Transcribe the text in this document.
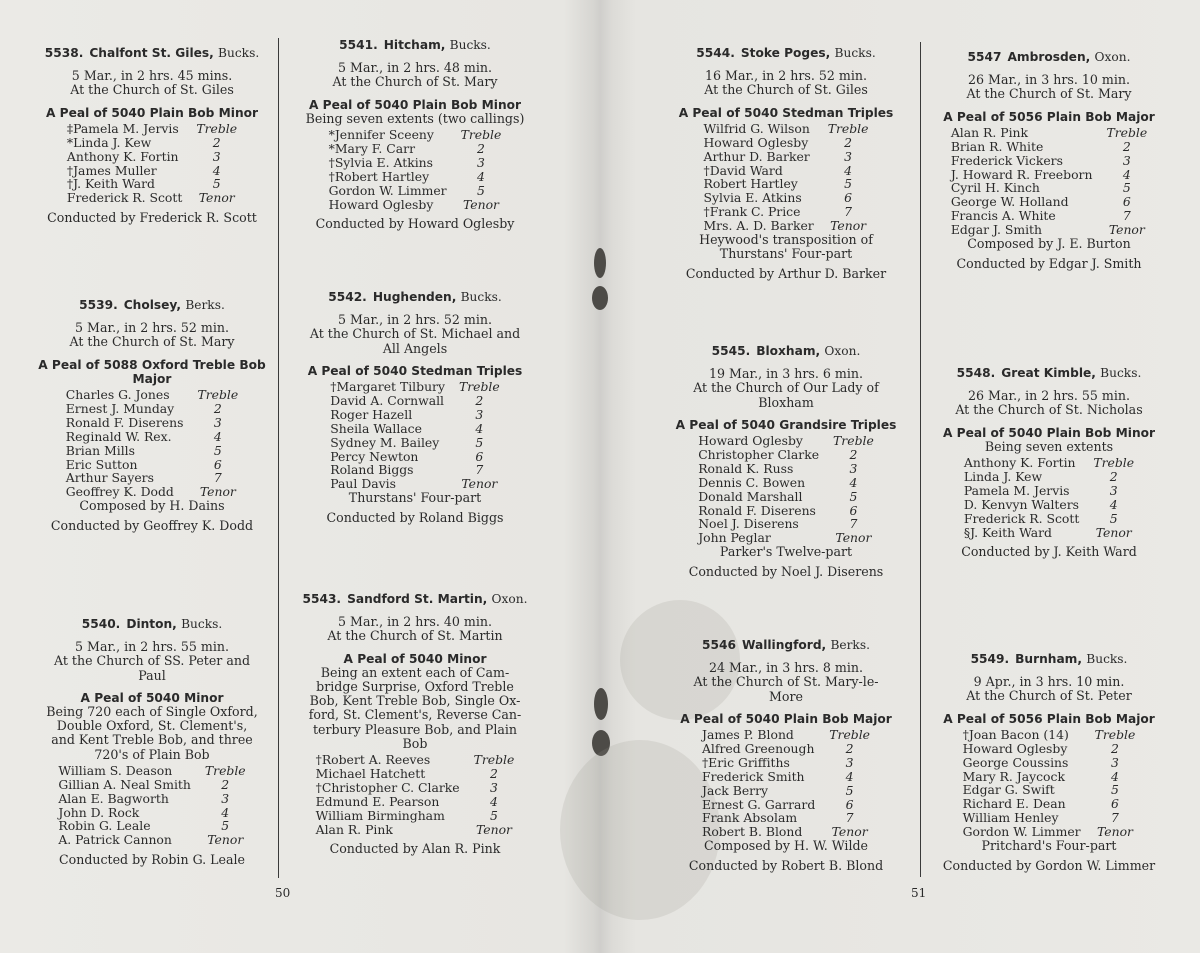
50	51
5538. Chalfont St. Giles, Bucks.
5 Mar., in 2 hrs. 45 mins.
At the Church of St. Giles
A Peal of 5040 Plain Bob Minor
‡Pamela M. Jervis	Treble
*Linda J. Kew	2
Anthony K. Fortin	3
†James Muller	4
†J. Keith Ward	5
Frederick R. Scott	Tenor
Conducted by Frederick R. Scott
5539. Cholsey, Berks.
5 Mar., in 2 hrs. 52 min.
At the Church of St. Mary
A Peal of 5088 Oxford Treble Bob
Major
Charles G. Jones	Treble
Ernest J. Munday	2
Ronald F. Diserens	3
Reginald W. Rex.	4
Brian Mills	5
Eric Sutton	6
Arthur Sayers	7
Geoffrey K. Dodd	Tenor
Composed by H. Dains
Conducted by Geoffrey K. Dodd
5540. Dinton, Bucks.
5 Mar., in 2 hrs. 55 min.
At the Church of SS. Peter and
Paul
A Peal of 5040 Minor
Being 720 each of Single Oxford,
Double Oxford, St. Clement's,
and Kent Treble Bob, and three
720's of Plain Bob
William S. Deason	Treble
Gillian A. Neal Smith	2
Alan E. Bagworth	3
John D. Rock	4
Robin G. Leale	5
A. Patrick Cannon	Tenor
Conducted by Robin G. Leale
5541. Hitcham, Bucks.
5 Mar., in 2 hrs. 48 min.
At the Church of St. Mary
A Peal of 5040 Plain Bob Minor
Being seven extents (two callings)
*Jennifer Sceeny	Treble
*Mary F. Carr	2
†Sylvia E. Atkins	3
†Robert Hartley	4
Gordon W. Limmer	5
Howard Oglesby	Tenor
Conducted by Howard Oglesby
5542. Hughenden, Bucks.
5 Mar., in 2 hrs. 52 min.
At the Church of St. Michael and
All Angels
A Peal of 5040 Stedman Triples
†Margaret Tilbury	Treble
David A. Cornwall	2
Roger Hazell	3
Sheila Wallace	4
Sydney M. Bailey	5
Percy Newton	6
Roland Biggs	7
Paul Davis	Tenor
Thurstans' Four-part
Conducted by Roland Biggs
5543. Sandford St. Martin, Oxon.
5 Mar., in 2 hrs. 40 min.
At the Church of St. Martin
A Peal of 5040 Minor
Being an extent each of Cam-
bridge Surprise, Oxford Treble
Bob, Kent Treble Bob, Single Ox-
ford, St. Clement's, Reverse Can-
terbury Pleasure Bob, and Plain
Bob
†Robert A. Reeves	Treble
Michael Hatchett	2
†Christopher C. Clarke	3
Edmund E. Pearson	4
William Birmingham	5
Alan R. Pink	Tenor
Conducted by Alan R. Pink
5544. Stoke Poges, Bucks.
16 Mar., in 2 hrs. 52 min.
At the Church of St. Giles
A Peal of 5040 Stedman Triples
Wilfrid G. Wilson	Treble
Howard Oglesby	2
Arthur D. Barker	3
†David Ward	4
Robert Hartley	5
Sylvia E. Atkins	6
†Frank C. Price	7
Mrs. A. D. Barker	Tenor
Heywood's transposition of
Thurstans' Four-part
Conducted by Arthur D. Barker
5545. Bloxham, Oxon.
19 Mar., in 3 hrs. 6 min.
At the Church of Our Lady of
Bloxham
A Peal of 5040 Grandsire Triples
Howard Oglesby	Treble
Christopher Clarke	2
Ronald K. Russ	3
Dennis C. Bowen	4
Donald Marshall	5
Ronald F. Diserens	6
Noel J. Diserens	7
John Peglar	Tenor
Parker's Twelve-part
Conducted by Noel J. Diserens
5546 Wallingford, Berks.
24 Mar., in 3 hrs. 8 min.
At the Church of St. Mary-le-
More
A Peal of 5040 Plain Bob Major
James P. Blond	Treble
Alfred Greenough	2
†Eric Griffiths	3
Frederick Smith	4
Jack Berry	5
Ernest G. Garrard	6
Frank Absolam	7
Robert B. Blond	Tenor
Composed by H. W. Wilde
Conducted by Robert B. Blond
5547 Ambrosden, Oxon.
26 Mar., in 3 hrs. 10 min.
At the Church of St. Mary
A Peal of 5056 Plain Bob Major
Alan R. Pink	Treble
Brian R. White	2
Frederick Vickers	3
J. Howard R. Freeborn	4
Cyril H. Kinch	5
George W. Holland	6
Francis A. White	7
Edgar J. Smith	Tenor
Composed by J. E. Burton
Conducted by Edgar J. Smith
5548. Great Kimble, Bucks.
26 Mar., in 2 hrs. 55 min.
At the Church of St. Nicholas
A Peal of 5040 Plain Bob Minor
Being seven extents
Anthony K. Fortin	Treble
Linda J. Kew	2
Pamela M. Jervis	3
D. Kenvyn Walters	4
Frederick R. Scott	5
§J. Keith Ward	Tenor
Conducted by J. Keith Ward
5549. Burnham, Bucks.
9 Apr., in 3 hrs. 10 min.
At the Church of St. Peter
A Peal of 5056 Plain Bob Major
†Joan Bacon (14)	Treble
Howard Oglesby	2
George Coussins	3
Mary R. Jaycock	4
Edgar G. Swift	5
Richard E. Dean	6
William Henley	7
Gordon W. Limmer	Tenor
Pritchard's Four-part
Conducted by Gordon W. Limmer
